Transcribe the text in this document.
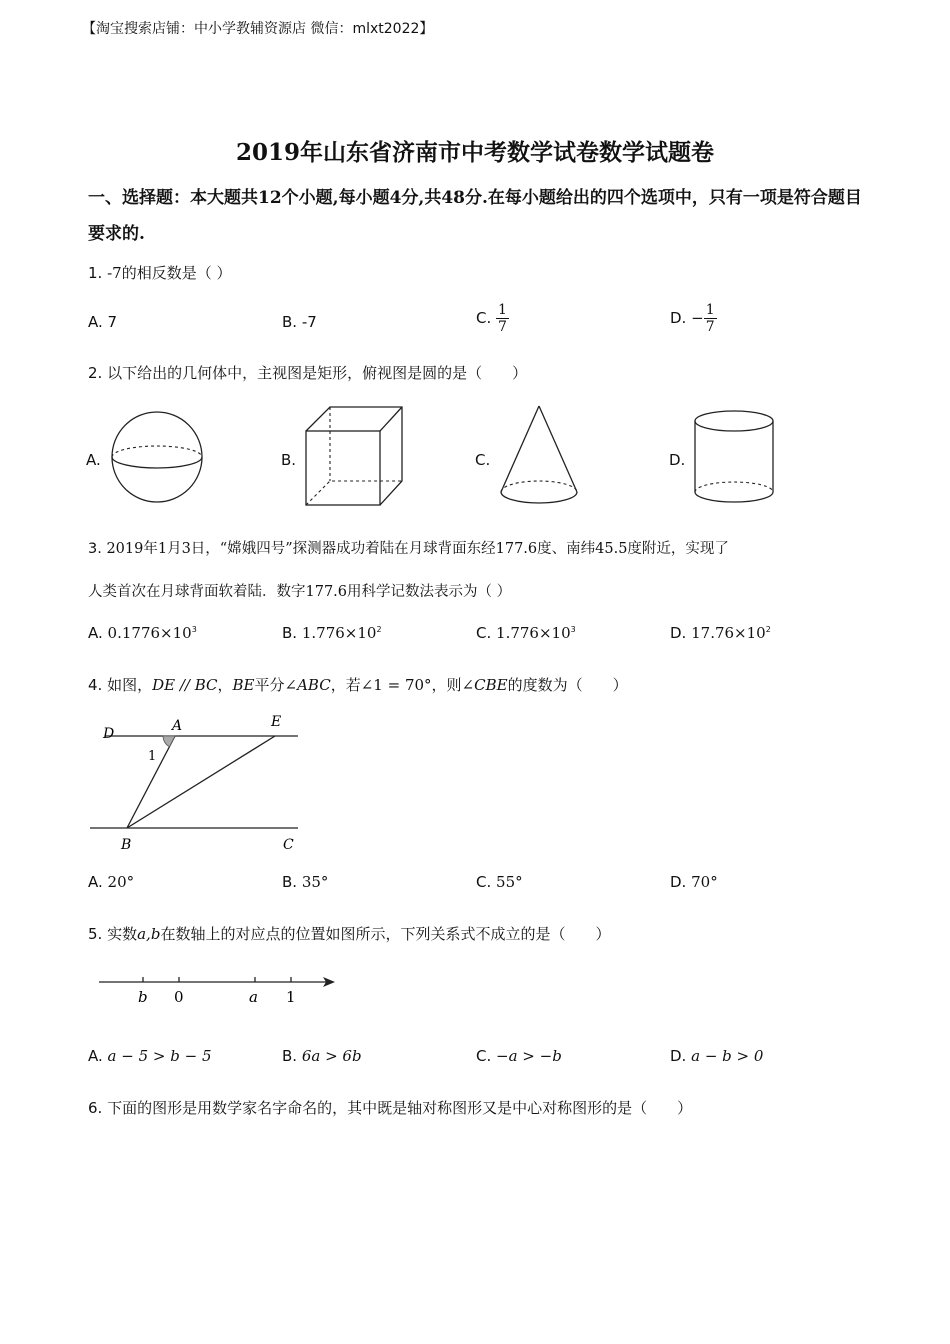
【淘宝搜索店铺：中小学教辅资源店 微信：mlxt2022】
2019年山东省济南市中考数学试卷数学试题卷
一、选择题：本大题共12个小题,每小题4分,共48分.在每小题给出的四个选项中，只有一项是符合题目要求的.
1. -7的相反数是（ ）
A. 7	B. -7	C. $\frac{1}{7}$	D. − $\frac{1}{7}$
2. 以下给出的几何体中，主视图是矩形，俯视图是圆的是（　　）
A.	B.	C.	D.
3. 2019年1月3日，“嫦娥四号”探测器成功着陆在月球背面东经177.6度、南纬45.5度附近，实现了
人类首次在月球背面软着陆．数字177.6用科学记数法表示为（ ）
A. $0.1776\times 10^3$	B. $1.776\times 10^2$	C. $1.776\times 10^3$	D. $17.76\times 10^2$
4. 如图，DE // BC，BE平分∠ABC，若∠1 = 70°，则∠CBE的度数为（　　）
D	A	E
1
B	C
A. 20°	B. 35°	C. 55°	D. 70°
5. 实数a,b在数轴上的对应点的位置如图所示，下列关系式不成立的是（　　）
b 0	a 1
A. a − 5 > b − 5	B. 6a > 6b	C. −a > −b	D. a − b > 0
6. 下面的图形是用数学家名字命名的，其中既是轴对称图形又是中心对称图形的是（　　）
